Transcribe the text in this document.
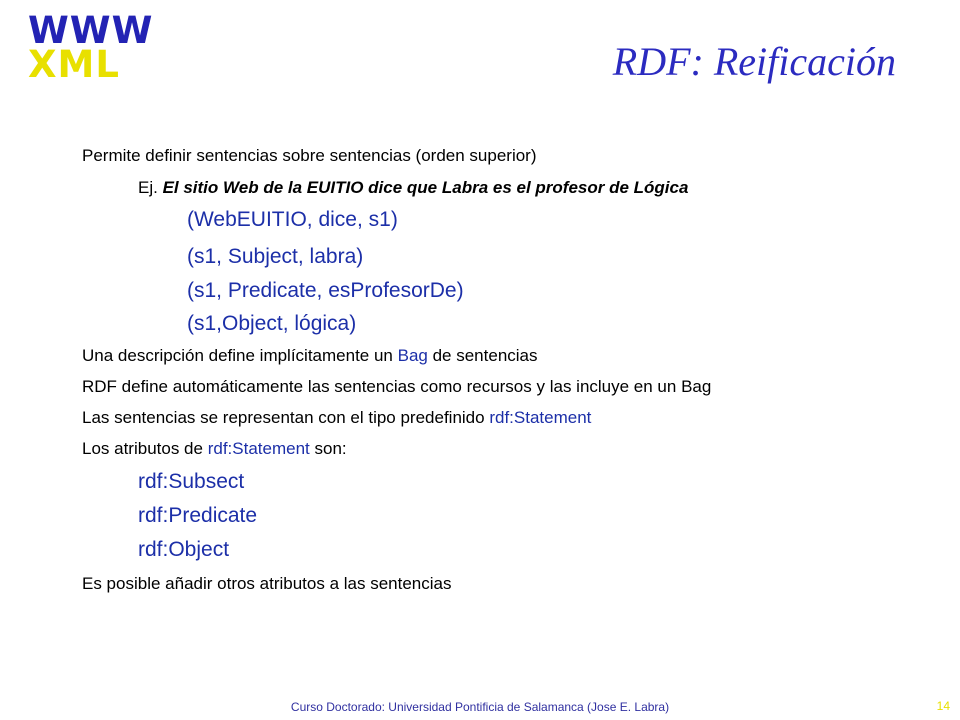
WWW
XML	RDF: Reificación
Permite definir sentencias sobre sentencias (orden superior)
Ej. El sitio Web de la EUITIO dice que Labra es el profesor de Lógica
(WebEUITIO, dice, s1)
(s1, Subject, labra)
(s1, Predicate, esProfesorDe)
(s1,Object, lógica)
Una descripción define implícitamente un Bag de sentencias
RDF define automáticamente las sentencias como recursos y las incluye en un Bag
Las sentencias se representan con el tipo predefinido rdf:Statement
Los atributos de rdf:Statement son:
rdf:Subsect
rdf:Predicate
rdf:Object
Es posible añadir otros atributos a las sentencias
Curso Doctorado: Universidad Pontificia de Salamanca (Jose E. Labra)	14
